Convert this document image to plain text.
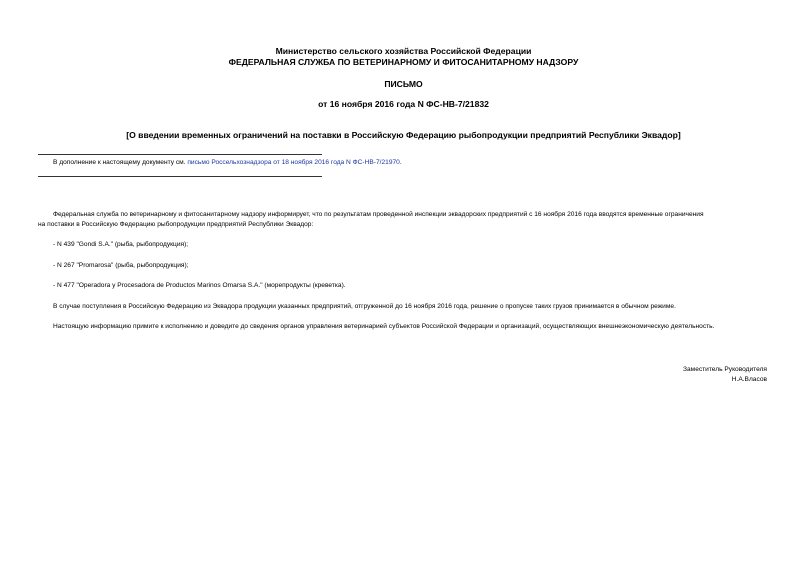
Министерство сельского хозяйства Российской Федерации
ФЕДЕРАЛЬНАЯ СЛУЖБА ПО ВЕТЕРИНАРНОМУ И ФИТОСАНИТАРНОМУ НАДЗОРУ
ПИСЬМО
от 16 ноября 2016 года N ФС-НВ-7/21832
[О введении временных ограничений на поставки в Российскую Федерацию рыбопродукции предприятий Республики Эквадор]
В дополнение к настоящему документу см. письмо Россельхознадзора от 18 ноября 2016 года N ФС-НВ-7/21970.
Федеральная служба по ветеринарному и фитосанитарному надзору информирует, что по результатам проведенной инспекции эквадорских предприятий с 16 ноября 2016 года вводятся временные ограничения
на поставки в Российскую Федерацию рыбопродукции предприятий Республики Эквадор:
- N 439 "Gondi S.A." (рыба, рыбопродукция);
- N 267 "Promarosa" (рыба, рыбопродукция);
- N 477 "Operadora y Procesadora de Productos Marinos Omarsa S.A." (морепродукты (креветка).
В случае поступления в Российскую Федерацию из Эквадора продукции указанных предприятий, отгруженной до 16 ноября 2016 года, решение о пропуске таких грузов принимается в обычном режиме.
Настоящую информацию примите к исполнению и доведите до сведения органов управления ветеринарией субъектов Российской Федерации и организаций, осуществляющих внешнеэкономическую деятельность.
Заместитель Руководителя
Н.А.Власов
